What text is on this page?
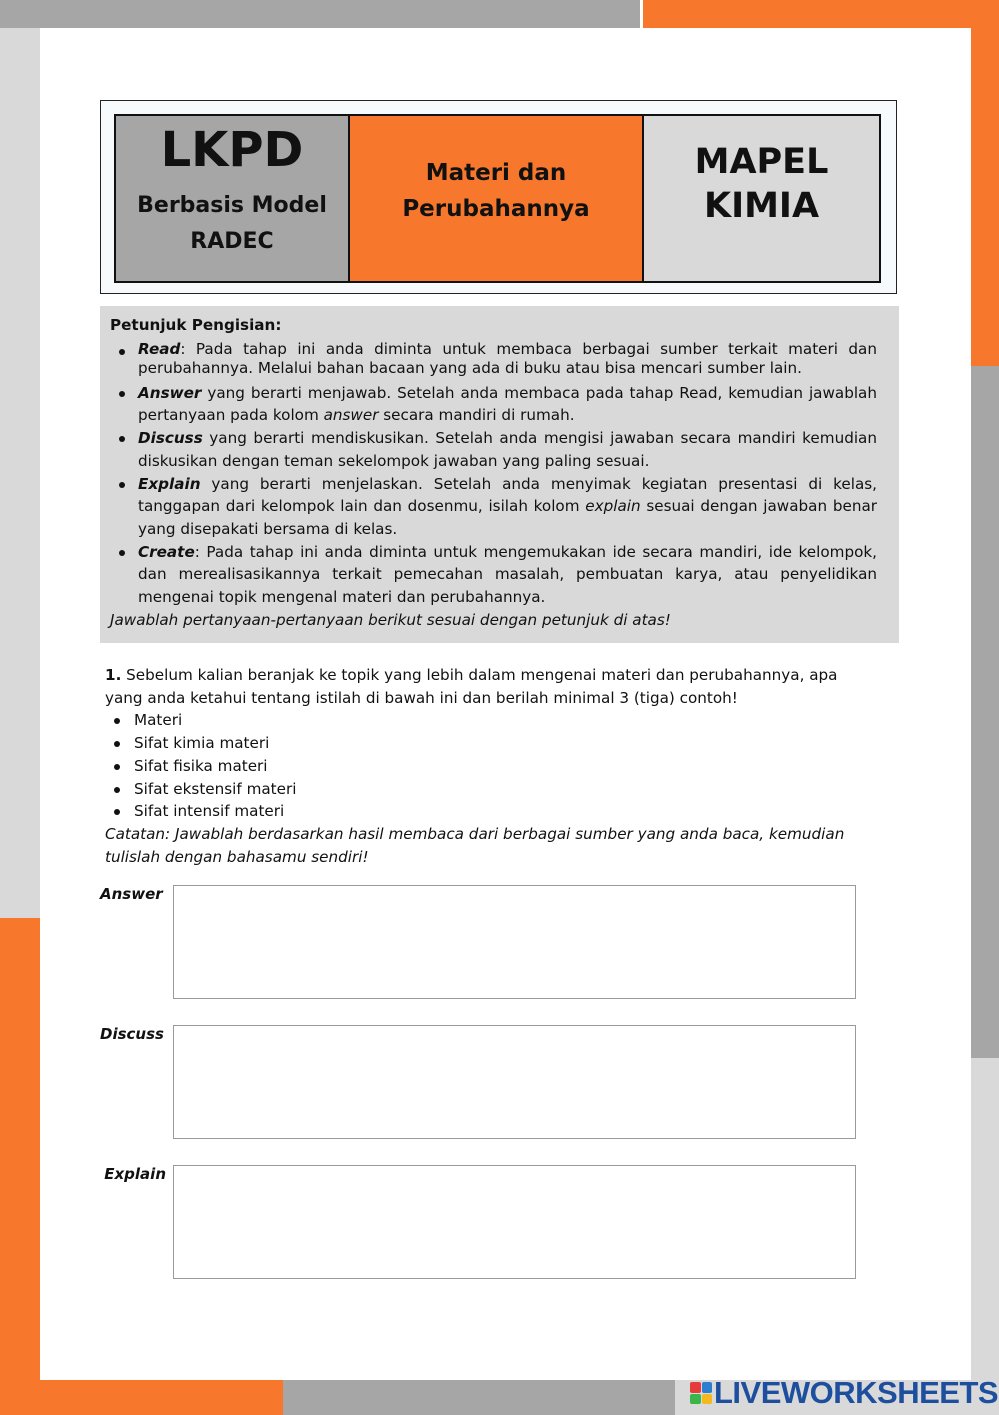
LKPD
Berbasis Model
RADEC
Materi dan
Perubahannya
MAPEL
KIMIA
Petunjuk Pengisian:
Read: Pada tahap ini anda diminta untuk membaca berbagai sumber terkait materi dan perubahannya. Melalui bahan bacaan yang ada di buku atau bisa mencari sumber lain.
Answer yang berarti menjawab. Setelah anda membaca pada tahap Read, kemudian jawablah pertanyaan pada kolom answer secara mandiri di rumah.
Discuss yang berarti mendiskusikan. Setelah anda mengisi jawaban secara mandiri kemudian diskusikan dengan teman sekelompok jawaban yang paling sesuai.
Explain yang berarti menjelaskan. Setelah anda menyimak kegiatan presentasi di kelas, tanggapan dari kelompok lain dan dosenmu, isilah kolom explain sesuai dengan jawaban benar yang disepakati bersama di kelas.
Create: Pada tahap ini anda diminta untuk mengemukakan ide secara mandiri, ide kelompok, dan merealisasikannya terkait pemecahan masalah, pembuatan karya, atau penyelidikan mengenai topik mengenal materi dan perubahannya.
Jawablah pertanyaan-pertanyaan berikut sesuai dengan petunjuk di atas!
1. Sebelum kalian beranjak ke topik yang lebih dalam mengenai materi dan perubahannya, apa yang anda ketahui tentang istilah di bawah ini dan berilah minimal 3 (tiga) contoh!
Materi
Sifat kimia materi
Sifat fisika materi
Sifat ekstensif materi
Sifat intensif materi
Catatan: Jawablah berdasarkan hasil membaca dari berbagai sumber yang anda baca, kemudian tulislah dengan bahasamu sendiri!
Answer
Discuss
Explain
LIVEWORKSHEETS
